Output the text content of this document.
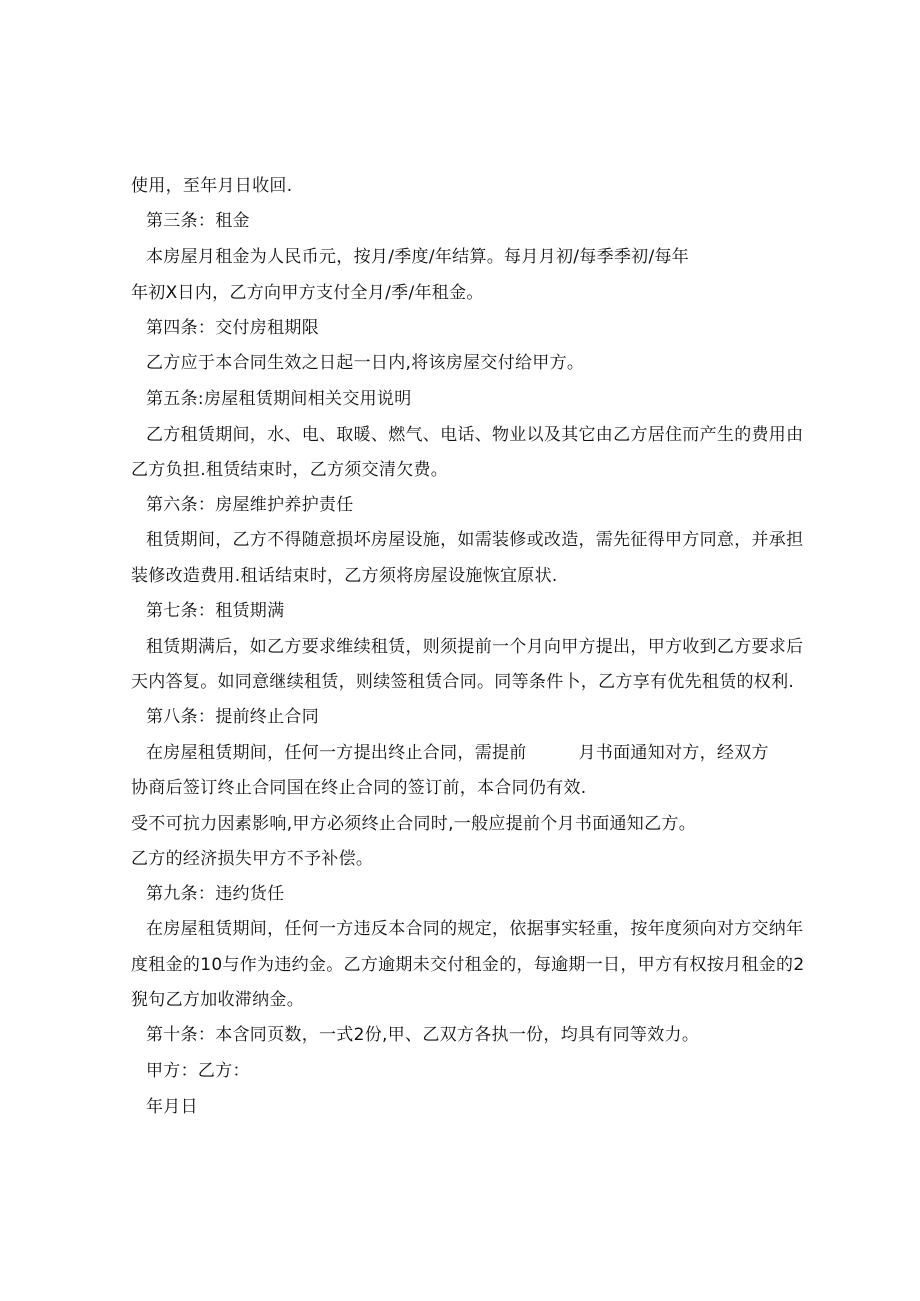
使用，至年月日收回.
第三条：租金
本房屋月租金为人民币元，按月/季度/年结算。每月月初/每季季初/每年
年初X日内，乙方向甲方支付全月/季/年租金。
第四条：交付房租期限
乙方应于本合同生效之日起一日内,将该房屋交付给甲方。
第五条:房屋租赁期间相关交用说明
乙方租赁期间，水、电、取暖、燃气、电话、物业以及其它由乙方居住而产生的费用由
乙方负担.租赁结束时，乙方须交清欠费。
第六条：房屋维护养护责任
租赁期间，乙方不得随意损坏房屋设施，如需装修或改造，需先征得甲方同意，并承担
装修改造费用.租话结束时，乙方须将房屋设施恢宜原状.
第七条：租赁期满
租赁期满后，如乙方要求维续租赁，则须提前一个月向甲方提出，甲方收到乙方要求后
天内答复。如同意继续租赁，则续签租赁合同。同等条件卜，乙方享有优先租赁的权利.
第八条：提前终止合同
在房屋租赁期间，任何一方提出终止合同，需提前　　　月书面通知对方，经双方
协商后签订终止合同国在终止合同的签订前，本合同仍有效.
受不可抗力因素影响,甲方必须终止合同时,一般应提前个月书面通知乙方。
乙方的经济损失甲方不予补偿。
第九条：违约货任
在房屋租赁期间，任何一方违反本合同的规定，依据事实轻重，按年度须向对方交纳年
度租金的10与作为违约金。乙方逾期未交付租金的，每逾期一日，甲方有权按月租金的2
猊句乙方加收滞纳金。
第十条：本含同页数，一式2份,甲、乙双方各执一份，均具有同等效力。
甲方：乙方：
年月日
